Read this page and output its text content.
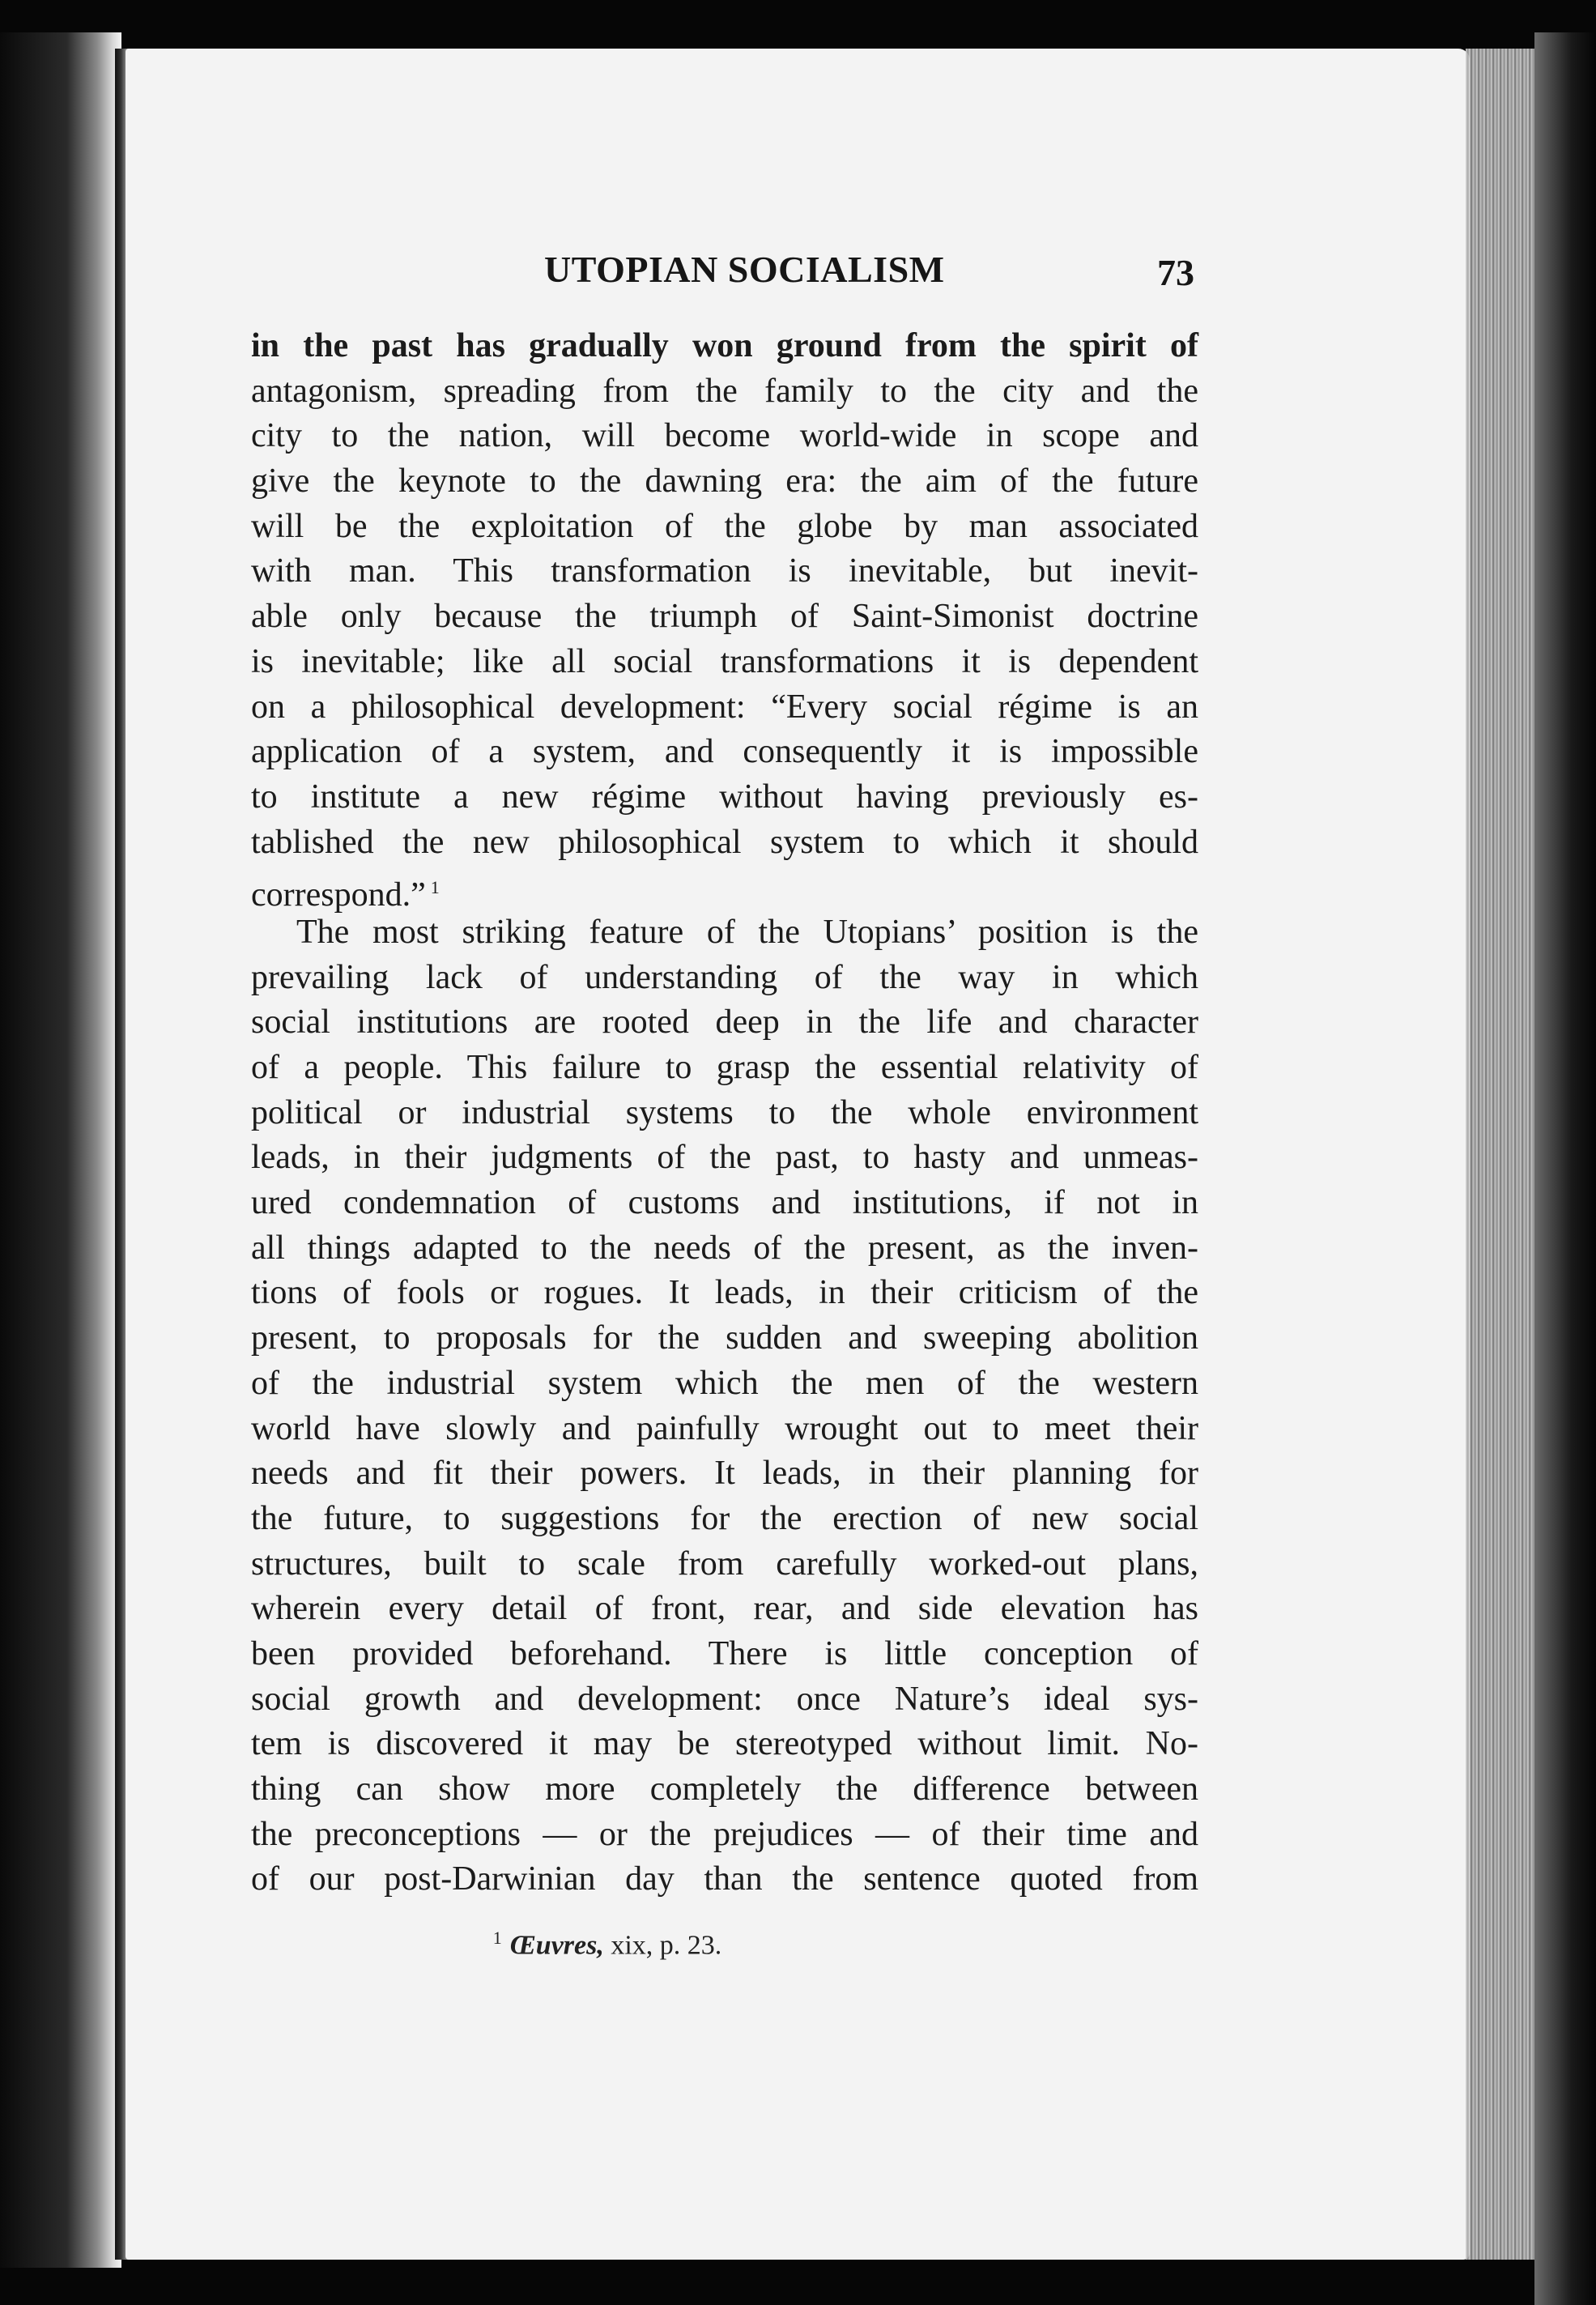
UTOPIAN SOCIALISM	73
in the past has gradually won ground from the spirit of
antagonism, spreading from the family to the city and the
city to the nation, will become world-wide in scope and
give the keynote to the dawning era: the aim of the future
will be the exploitation of the globe by man associated
with man. This transformation is inevitable, but inevit-
able only because the triumph of Saint-Simonist doctrine
is inevitable; like all social transformations it is dependent
on a philosophical development: “Every social régime is an
application of a system, and consequently it is impossible
to institute a new régime without having previously es-
tablished the new philosophical system to which it should
correspond.” $^1$
The most striking feature of the Utopians’ position is the
prevailing lack of understanding of the way in which
social institutions are rooted deep in the life and character
of a people. This failure to grasp the essential relativity of
political or industrial systems to the whole environment
leads, in their judgments of the past, to hasty and unmeas-
ured condemnation of customs and institutions, if not in
all things adapted to the needs of the present, as the inven-
tions of fools or rogues. It leads, in their criticism of the
present, to proposals for the sudden and sweeping abolition
of the industrial system which the men of the western
world have slowly and painfully wrought out to meet their
needs and fit their powers. It leads, in their planning for
the future, to suggestions for the erection of new social
structures, built to scale from carefully worked-out plans,
wherein every detail of front, rear, and side elevation has
been provided beforehand. There is little conception of
social growth and development: once Nature’s ideal sys-
tem is discovered it may be stereotyped without limit. No-
thing can show more completely the difference between
the preconceptions — or the prejudices — of their time and
of our post-Darwinian day than the sentence quoted from
$^1$ Œuvres, xix, p. 23.
